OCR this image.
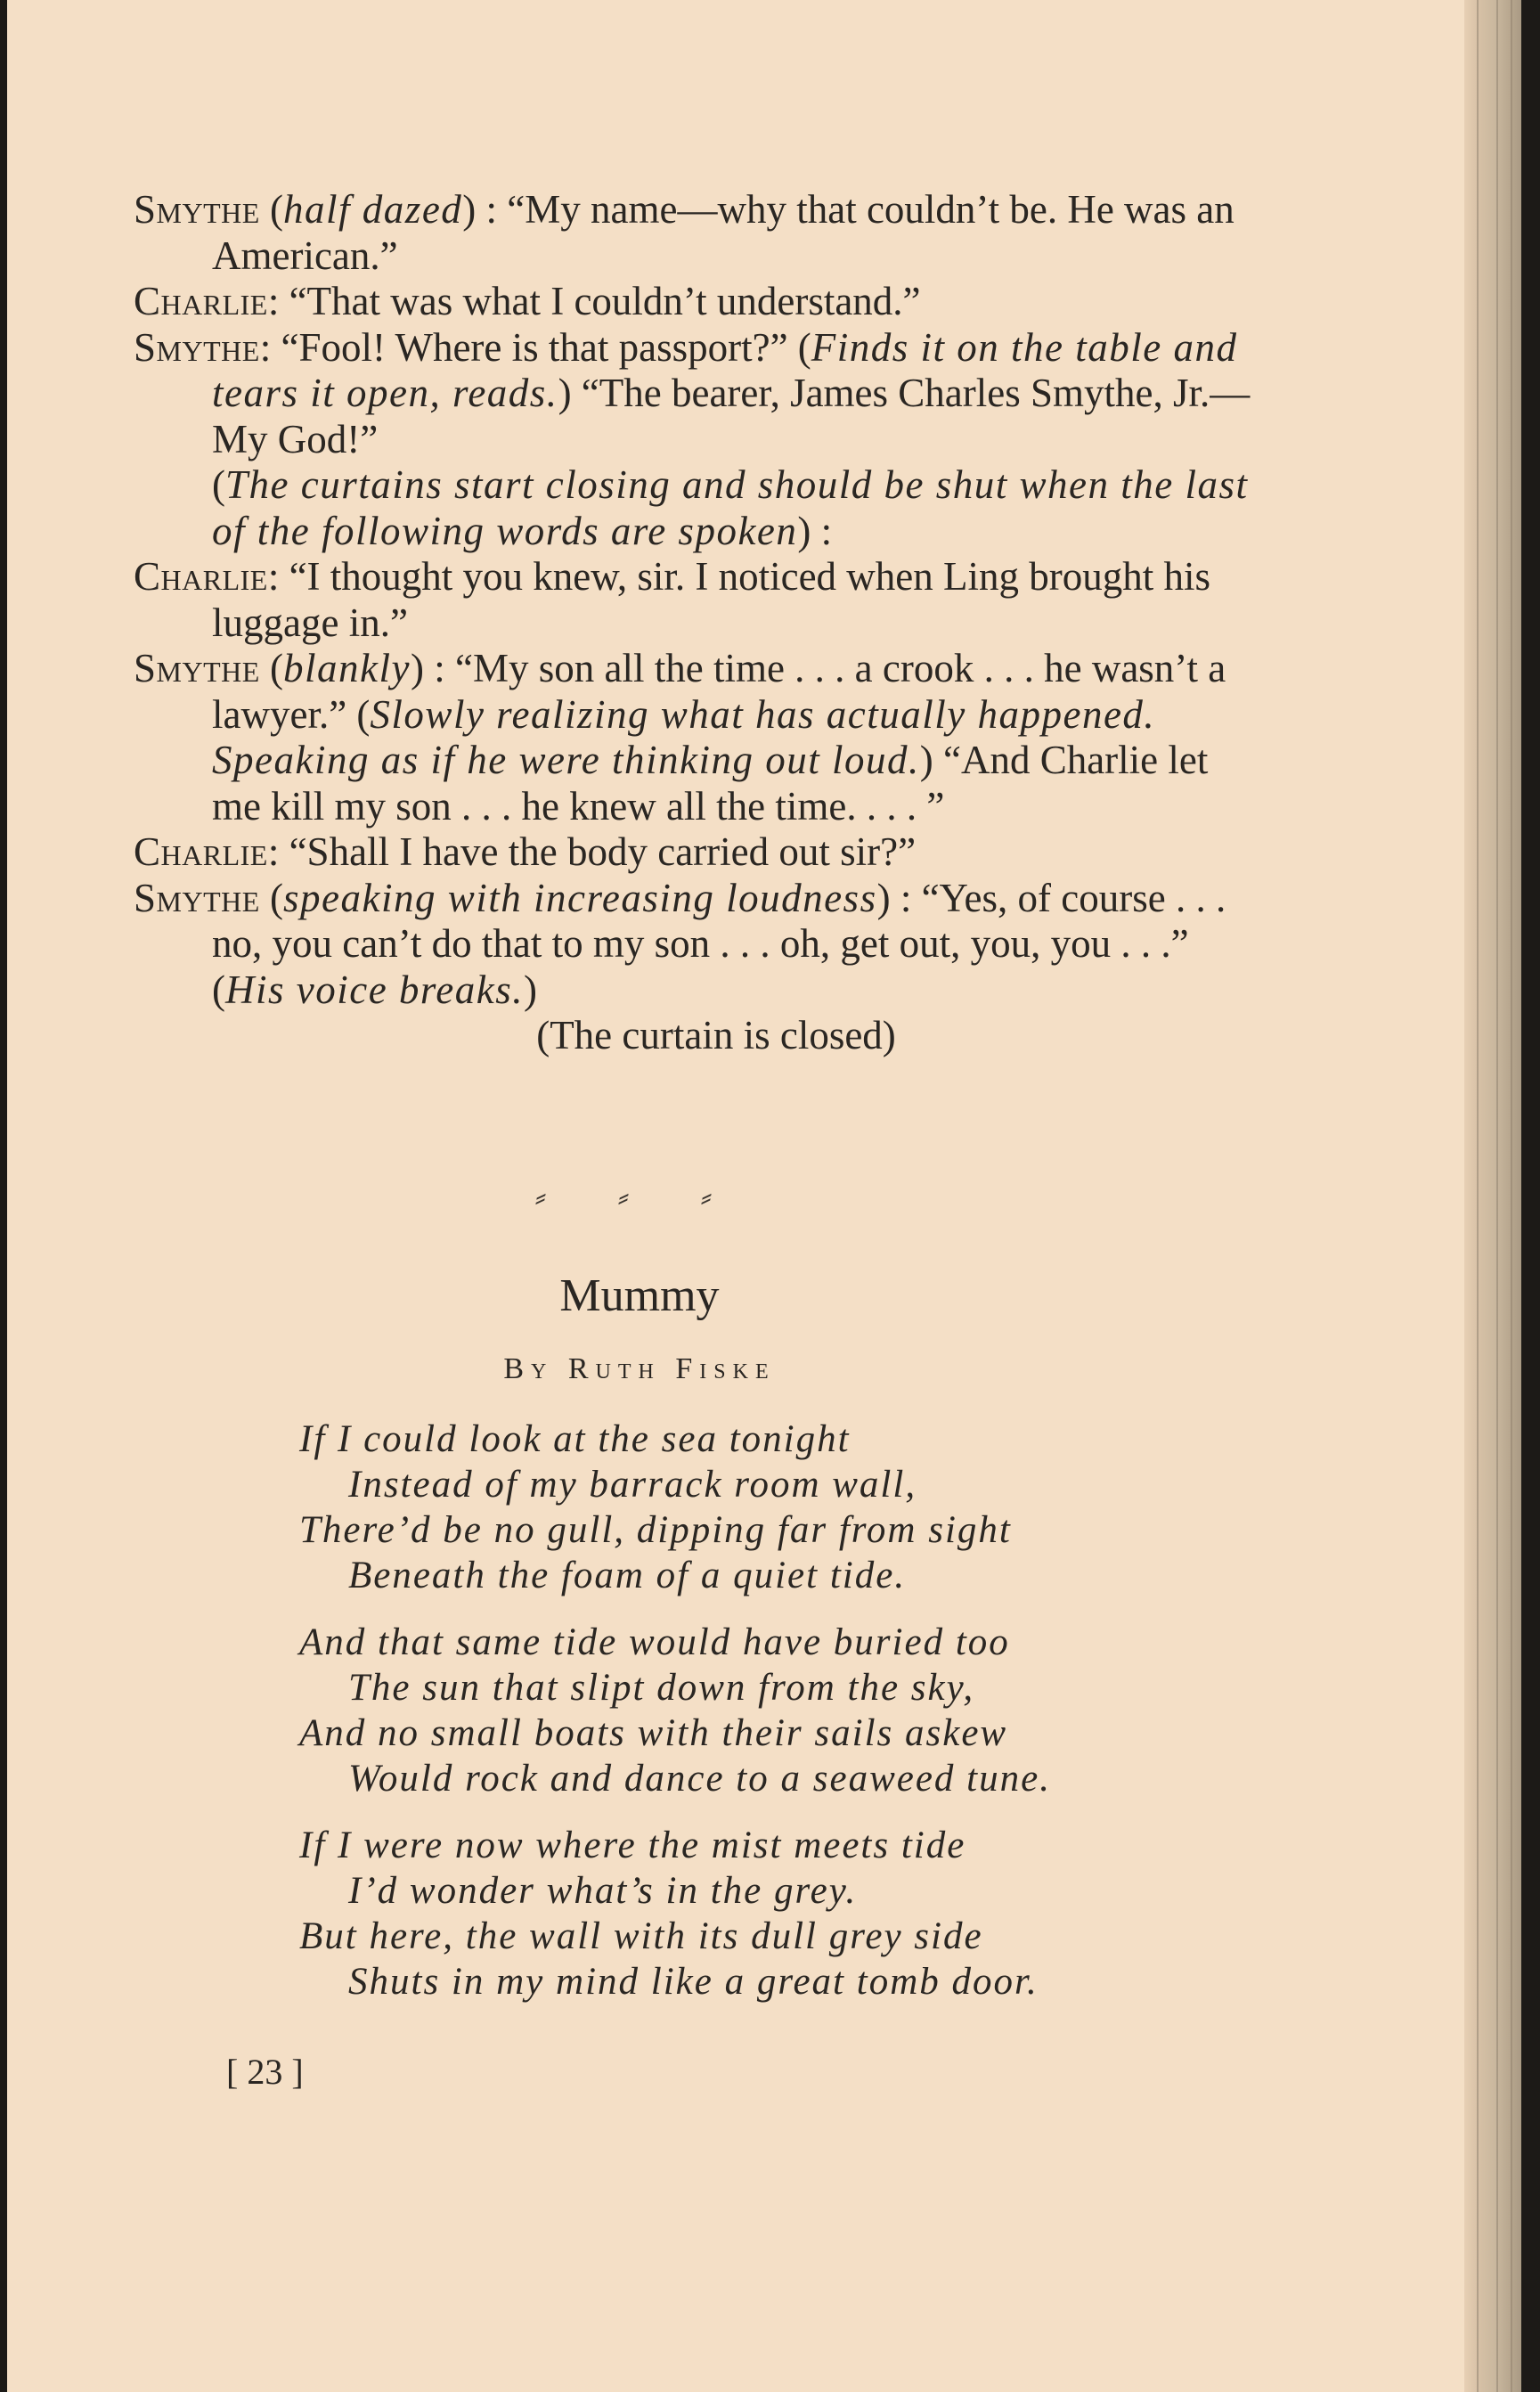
Smythe (half dazed) : “My name—why that couldn’t be. He was an American.”
Charlie: “That was what I couldn’t understand.”
Smythe: “Fool! Where is that passport?” (Finds it on the table and tears it open, reads.) “The bearer, James Charles Smythe, Jr.—My God!”
(The curtains start closing and should be shut when the last of the following words are spoken) :
Charlie: “I thought you knew, sir. I noticed when Ling brought his luggage in.”
Smythe (blankly) : “My son all the time . . . a crook . . . he wasn’t a lawyer.” (Slowly realizing what has actually happened. Speaking as if he were thinking out loud.) “And Charlie let me kill my son . . . he knew all the time. . . . ”
Charlie: “Shall I have the body carried out sir?”
Smythe (speaking with increasing loudness) : “Yes, of course . . . no, you can’t do that to my son . . . oh, get out, you, you . . .” (His voice breaks.)
(The curtain is closed)
⸗ ⸗ ⸗
Mummy
By Ruth Fiske
If I could look at the sea tonight
Instead of my barrack room wall,
There’d be no gull, dipping far from sight
Beneath the foam of a quiet tide.
And that same tide would have buried too
The sun that slipt down from the sky,
And no small boats with their sails askew
Would rock and dance to a seaweed tune.
If I were now where the mist meets tide
I’d wonder what’s in the grey.
But here, the wall with its dull grey side
Shuts in my mind like a great tomb door.
[ 23 ]
